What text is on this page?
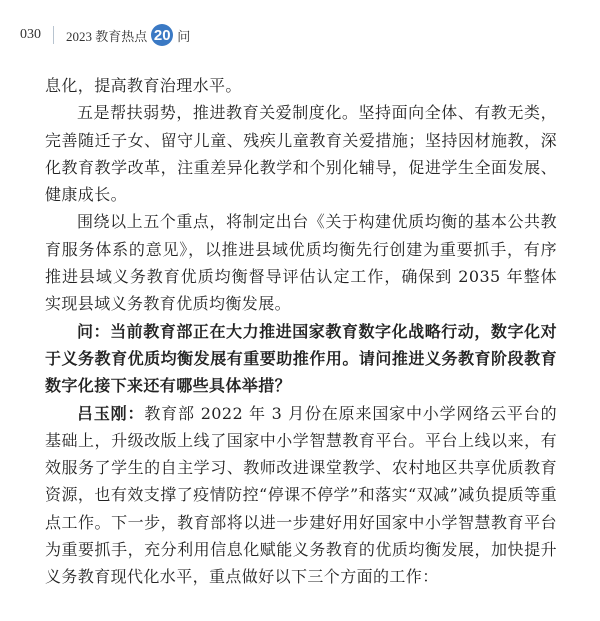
030 2023 教育热点 20 问

息化，提高教育治理水平。

五是帮扶弱势，推进教育关爱制度化。坚持面向全体、有教无类，完善随迁子女、留守儿童、残疾儿童教育关爱措施；坚持因材施教，深化教育教学改革，注重差异化教学和个别化辅导，促进学生全面发展、健康成长。

围绕以上五个重点，将制定出台《关于构建优质均衡的基本公共教育服务体系的意见》，以推进县域优质均衡先行创建为重要抓手，有序推进县域义务教育优质均衡督导评估认定工作，确保到 2035 年整体实现县域义务教育优质均衡发展。

问：当前教育部正在大力推进国家教育数字化战略行动，数字化对于义务教育优质均衡发展有重要助推作用。请问推进义务教育阶段教育数字化接下来还有哪些具体举措？

吕玉刚：教育部 2022 年 3 月份在原来国家中小学网络云平台的基础上，升级改版上线了国家中小学智慧教育平台。平台上线以来，有效服务了学生的自主学习、教师改进课堂教学、农村地区共享优质教育资源，也有效支撑了疫情防控“停课不停学”和落实“双减”减负提质等重点工作。下一步，教育部将以进一步建好用好国家中小学智慧教育平台为重要抓手，充分利用信息化赋能义务教育的优质均衡发展，加快提升义务教育现代化水平，重点做好以下三个方面的工作：
